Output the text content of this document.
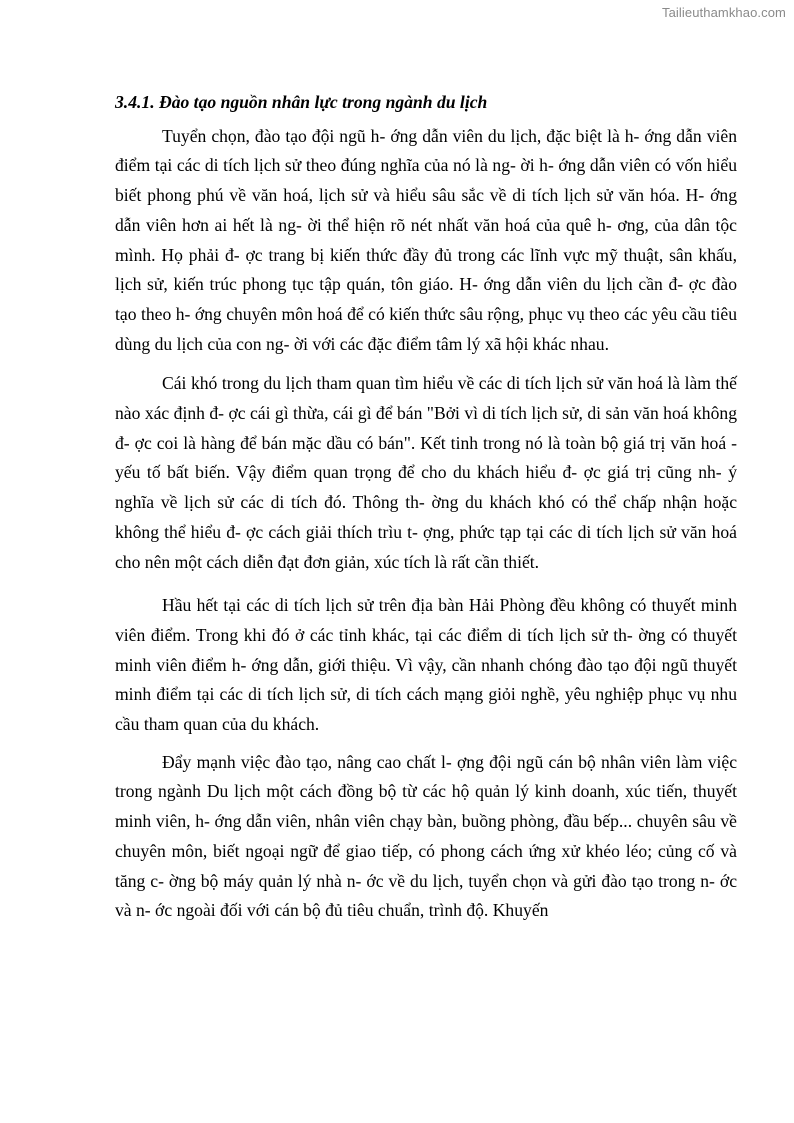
Tailieuthamkhao.com
3.4.1. Đào tạo nguồn nhân lực trong ngành du lịch

Tuyển chọn, đào tạo đội ngũ h- ớng dẫn viên du lịch, đặc biệt là h- ớng dẫn viên điểm tại các di tích lịch sử theo đúng nghĩa của nó là ng- ời h- ớng dẫn viên có vốn hiểu biết phong phú về văn hoá, lịch sử và hiểu sâu sắc về di tích lịch sử văn hóa. H- ớng dẫn viên hơn ai hết là ng- ời thể hiện rõ nét nhất văn hoá của quê h- ơng, của dân tộc mình. Họ phải đ- ợc trang bị kiến thức đầy đủ trong các lĩnh vực mỹ thuật, sân khấu, lịch sử, kiến trúc phong tục tập quán, tôn giáo. H- ớng dẫn viên du lịch cần đ- ợc đào tạo theo h- ớng chuyên môn hoá để có kiến thức sâu rộng, phục vụ theo các yêu cầu tiêu dùng du lịch của con ng- ời với các đặc điểm tâm lý xã hội khác nhau.

Cái khó trong du lịch tham quan tìm hiểu về các di tích lịch sử văn hoá là làm thế nào xác định đ- ợc cái gì thừa, cái gì để bán "Bởi vì di tích lịch sử, di sản văn hoá không đ- ợc coi là hàng để bán mặc dầu có bán". Kết tinh trong nó là toàn bộ giá trị văn hoá - yếu tố bất biến. Vậy điểm quan trọng để cho du khách hiểu đ- ợc giá trị cũng nh- ý nghĩa về lịch sử các di tích đó. Thông th- ờng du khách khó có thể chấp nhận hoặc không thể hiểu đ- ợc cách giải thích trìu t- ợng, phức tạp tại các di tích lịch sử văn hoá cho nên một cách diễn đạt đơn giản, xúc tích là rất cần thiết.

Hầu hết tại các di tích lịch sử trên địa bàn Hải Phòng đều không có thuyết minh viên điểm. Trong khi đó ở các tỉnh khác, tại các điểm di tích lịch sử th- ờng có thuyết minh viên điểm h- ớng dẫn, giới thiệu. Vì vậy, cần nhanh chóng đào tạo đội ngũ thuyết minh điểm tại các di tích lịch sử, di tích cách mạng giỏi nghề, yêu nghiệp phục vụ nhu cầu tham quan của du khách.

Đẩy mạnh việc đào tạo, nâng cao chất l- ợng đội ngũ cán bộ nhân viên làm việc trong ngành Du lịch một cách đồng bộ từ các hộ quản lý kinh doanh, xúc tiến, thuyết minh viên, h- ớng dẫn viên, nhân viên chạy bàn, buồng phòng, đầu bếp... chuyên sâu về chuyên môn, biết ngoại ngữ để giao tiếp, có phong cách ứng xử khéo léo; củng cố và tăng c- ờng bộ máy quản lý nhà n- ớc về du lịch, tuyển chọn và gửi đào tạo trong n- ớc và n- ớc ngoài đối với cán bộ đủ tiêu chuẩn, trình độ. Khuyến
